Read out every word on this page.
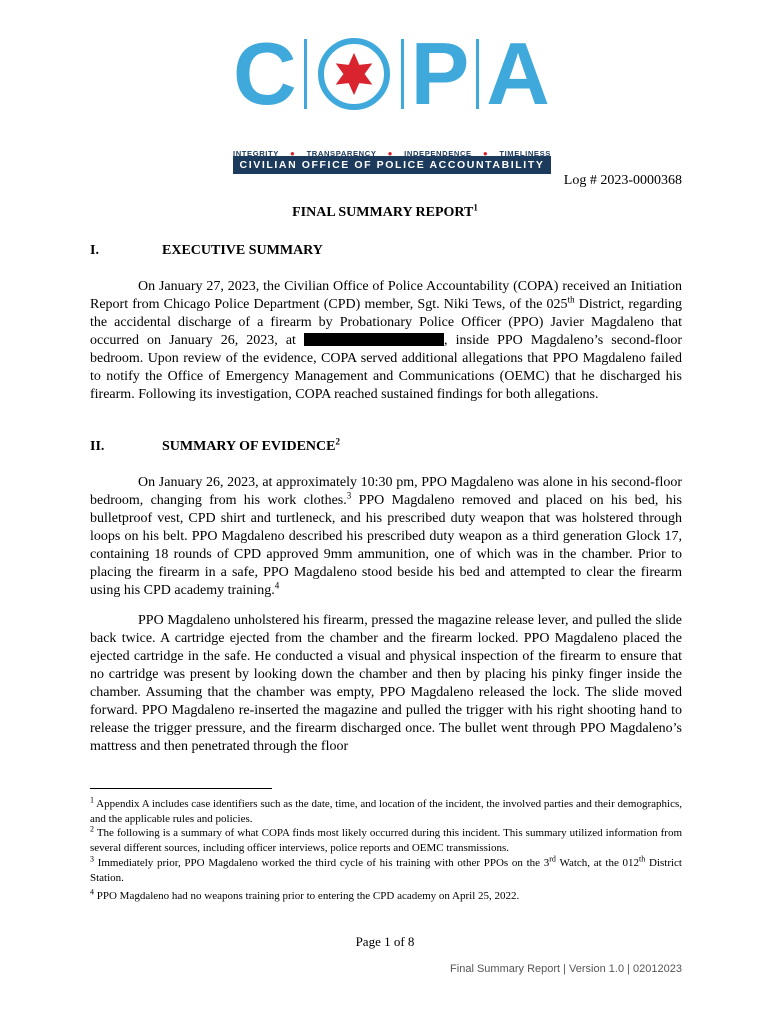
C P A
CIVILIAN OFFICE OF POLICE ACCOUNTABILITY
INTEGRITY ● TRANSPARENCY ● INDEPENDENCE ● TIMELINESS
Log # 2023-0000368
FINAL SUMMARY REPORT$^1$
I.	EXECUTIVE SUMMARY

On January 27, 2023, the Civilian Office of Police Accountability (COPA) received an Initiation Report from Chicago Police Department (CPD) member, Sgt. Niki Tews, of the 025th District, regarding the accidental discharge of a firearm by Probationary Police Officer (PPO) Javier Magdaleno that occurred on January 26, 2023, at	, inside PPO Magdaleno’s second-floor bedroom. Upon review of the evidence, COPA served additional allegations that PPO Magdaleno failed to notify the Office of Emergency Management and Communications (OEMC) that he discharged his firearm. Following its investigation, COPA reached sustained findings for both allegations.

II.	SUMMARY OF EVIDENCE$^2$

On January 26, 2023, at approximately 10:30 pm, PPO Magdaleno was alone in his second-floor bedroom, changing from his work clothes.$^3$ PPO Magdaleno removed and placed on his bed, his bulletproof vest, CPD shirt and turtleneck, and his prescribed duty weapon that was holstered through loops on his belt. PPO Magdaleno described his prescribed duty weapon as a third generation Glock 17, containing 18 rounds of CPD approved 9mm ammunition, one of which was in the chamber. Prior to placing the firearm in a safe, PPO Magdaleno stood beside his bed and attempted to clear the firearm using his CPD academy training.$^4$

PPO Magdaleno unholstered his firearm, pressed the magazine release lever, and pulled the slide back twice. A cartridge ejected from the chamber and the firearm locked. PPO Magdaleno placed the ejected cartridge in the safe. He conducted a visual and physical inspection of the firearm to ensure that no cartridge was present by looking down the chamber and then by placing his pinky finger inside the chamber. Assuming that the chamber was empty, PPO Magdaleno released the lock. The slide moved forward. PPO Magdaleno re-inserted the magazine and pulled the trigger with his right shooting hand to release the trigger pressure, and the firearm discharged once. The bullet went through PPO Magdaleno’s mattress and then penetrated through the floor

$^1$ Appendix A includes case identifiers such as the date, time, and location of the incident, the involved parties and their demographics, and the applicable rules and policies.

$^2$ The following is a summary of what COPA finds most likely occurred during this incident. This summary utilized information from several different sources, including officer interviews, police reports and OEMC transmissions.

$^3$ Immediately prior, PPO Magdaleno worked the third cycle of his training with other PPOs on the 3rd Watch, at the 012th District Station.

$^4$ PPO Magdaleno had no weapons training prior to entering the CPD academy on April 25, 2022.

Page 1 of 8
Final Summary Report | Version 1.0 | 02012023
